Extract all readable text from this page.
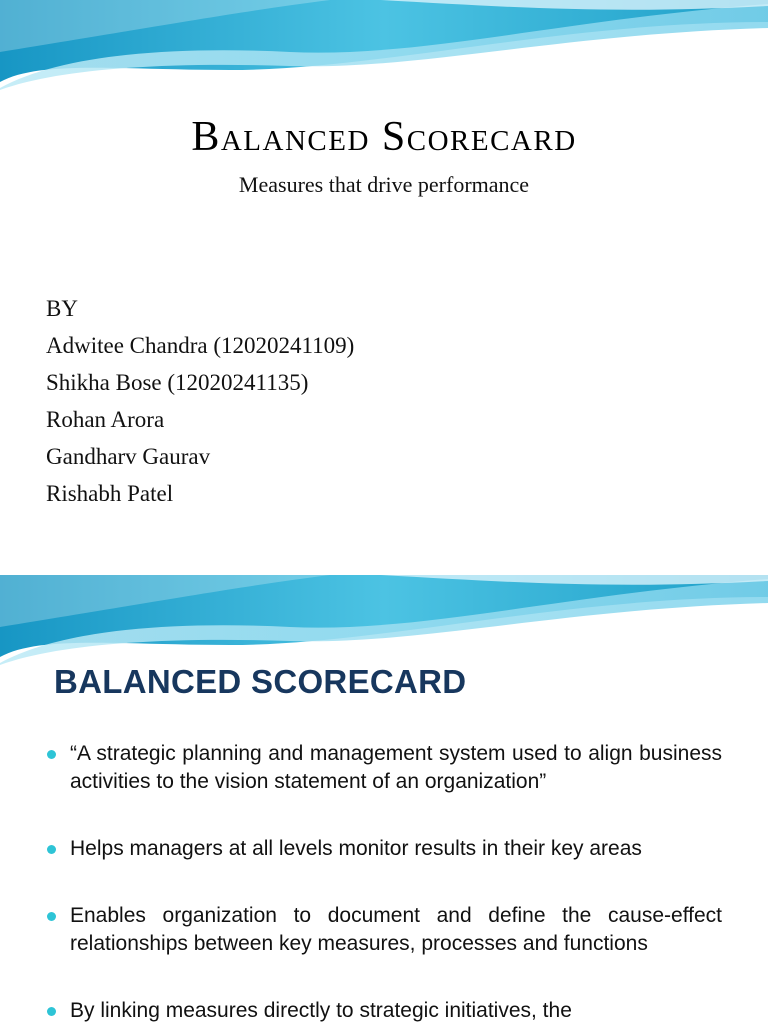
Balanced Scorecard
Measures that drive performance
BY
Adwitee Chandra (12020241109)
Shikha Bose (12020241135)
Rohan Arora
Gandharv Gaurav
Rishabh Patel
BALANCED SCORECARD
“A strategic planning and management system used to align business activities to the vision statement of an organization”
Helps managers at all levels monitor results in their key areas
Enables organization to document and define the cause-effect relationships between key measures, processes and functions
By linking measures directly to strategic initiatives, the
